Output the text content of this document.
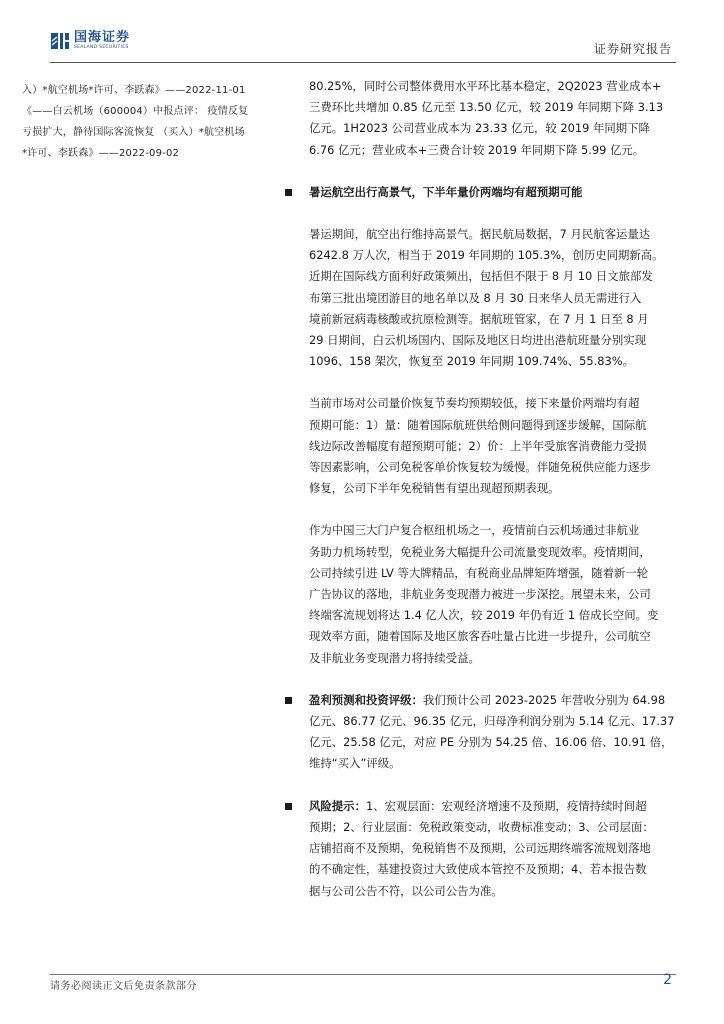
国海证券
SEALAND SECURITIES	证券研究报告

入）*航空机场*许可、李跃森》——2022-11-01

《——白云机场（600004）中报点评： 疫情反复

亏损扩大，静待国际客流恢复 （买入）*航空机场

*许可、李跃森》——2022-09-02

80.25%，同时公司整体费用水平环比基本稳定，2Q2023 营业成本+
三费环比共增加 0.85 亿元至 13.50 亿元，较 2019 年同期下降 3.13
亿元。1H2023 公司营业成本为 23.33 亿元，较 2019 年同期下降
6.76 亿元；营业成本+三费合计较 2019 年同期下降 5.99 亿元。
暑运航空出行高景气，下半年量价两端均有超预期可能
暑运期间，航空出行维持高景气。据民航局数据，7 月民航客运量达
6242.8 万人次，相当于 2019 年同期的 105.3%，创历史同期新高。
近期在国际线方面利好政策频出，包括但不限于 8 月 10 日文旅部发
布第三批出境团游目的地名单以及 8 月 30 日来华人员无需进行入
境前新冠病毒核酸或抗原检测等。据航班管家，在 7 月 1 日至 8 月
29 日期间，白云机场国内、国际及地区日均进出港航班量分别实现
1096、158 架次，恢复至 2019 年同期 109.74%、55.83%。
当前市场对公司量价恢复节奏均预期较低，接下来量价两端均有超
预期可能：1）量：随着国际航班供给侧问题得到逐步缓解，国际航
线边际改善幅度有超预期可能；2）价：上半年受旅客消费能力受损
等因素影响，公司免税客单价恢复较为缓慢。伴随免税供应能力逐步
修复，公司下半年免税销售有望出现超预期表现。
作为中国三大门户复合枢纽机场之一，疫情前白云机场通过非航业
务助力机场转型，免税业务大幅提升公司流量变现效率。疫情期间，
公司持续引进 LV 等大牌精品，有税商业品牌矩阵增强，随着新一轮
广告协议的落地，非航业务变现潜力被进一步深挖。展望未来，公司
终端客流规划将达 1.4 亿人次，较 2019 年仍有近 1 倍成长空间。变
现效率方面，随着国际及地区旅客吞吐量占比进一步提升，公司航空
及非航业务变现潜力将持续受益。
盈利预测和投资评级：我们预计公司 2023-2025 年营收分别为 64.98
亿元、86.77 亿元、96.35 亿元，归母净利润分别为 5.14 亿元、17.37
亿元、25.58 亿元，对应 PE 分别为 54.25 倍、16.06 倍、10.91 倍，
维持“买入”评级。
风险提示：1、宏观层面：宏观经济增速不及预期，疫情持续时间超
预期；2、行业层面：免税政策变动，收费标准变动；3、公司层面：
店铺招商不及预期，免税销售不及预期，公司远期终端客流规划落地
的不确定性，基建投资过大致使成本管控不及预期；4、若本报告数
据与公司公告不符，以公司公告为准。
请务必阅读正文后免责条款部分	2
